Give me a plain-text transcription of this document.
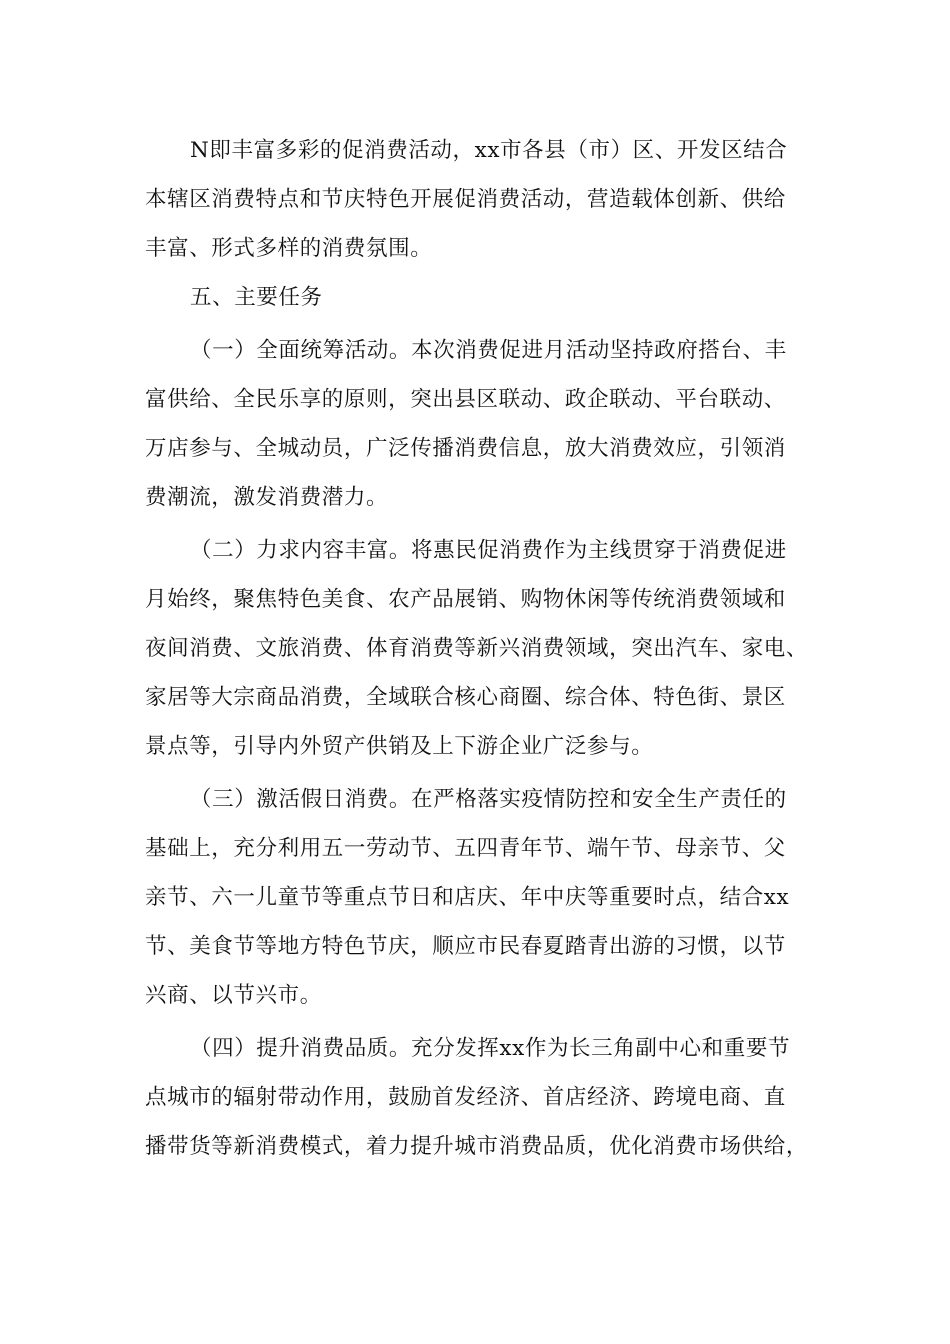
N即丰富多彩的促消费活动，xx市各县（市）区、开发区结合
本辖区消费特点和节庆特色开展促消费活动，营造载体创新、供给
丰富、形式多样的消费氛围。
五、主要任务
（一）全面统筹活动。本次消费促进月活动坚持政府搭台、丰
富供给、全民乐享的原则，突出县区联动、政企联动、平台联动、
万店参与、全城动员，广泛传播消费信息，放大消费效应，引领消
费潮流，激发消费潜力。
（二）力求内容丰富。将惠民促消费作为主线贯穿于消费促进
月始终，聚焦特色美食、农产品展销、购物休闲等传统消费领域和
夜间消费、文旅消费、体育消费等新兴消费领域，突出汽车、家电、
家居等大宗商品消费，全域联合核心商圈、综合体、特色街、景区
景点等，引导内外贸产供销及上下游企业广泛参与。
（三）激活假日消费。在严格落实疫情防控和安全生产责任的
基础上，充分利用五一劳动节、五四青年节、端午节、母亲节、父
亲节、六一儿童节等重点节日和店庆、年中庆等重要时点，结合xx
节、美食节等地方特色节庆，顺应市民春夏踏青出游的习惯，以节
兴商、以节兴市。
（四）提升消费品质。充分发挥xx作为长三角副中心和重要节
点城市的辐射带动作用，鼓励首发经济、首店经济、跨境电商、直
播带货等新消费模式，着力提升城市消费品质，优化消费市场供给，
